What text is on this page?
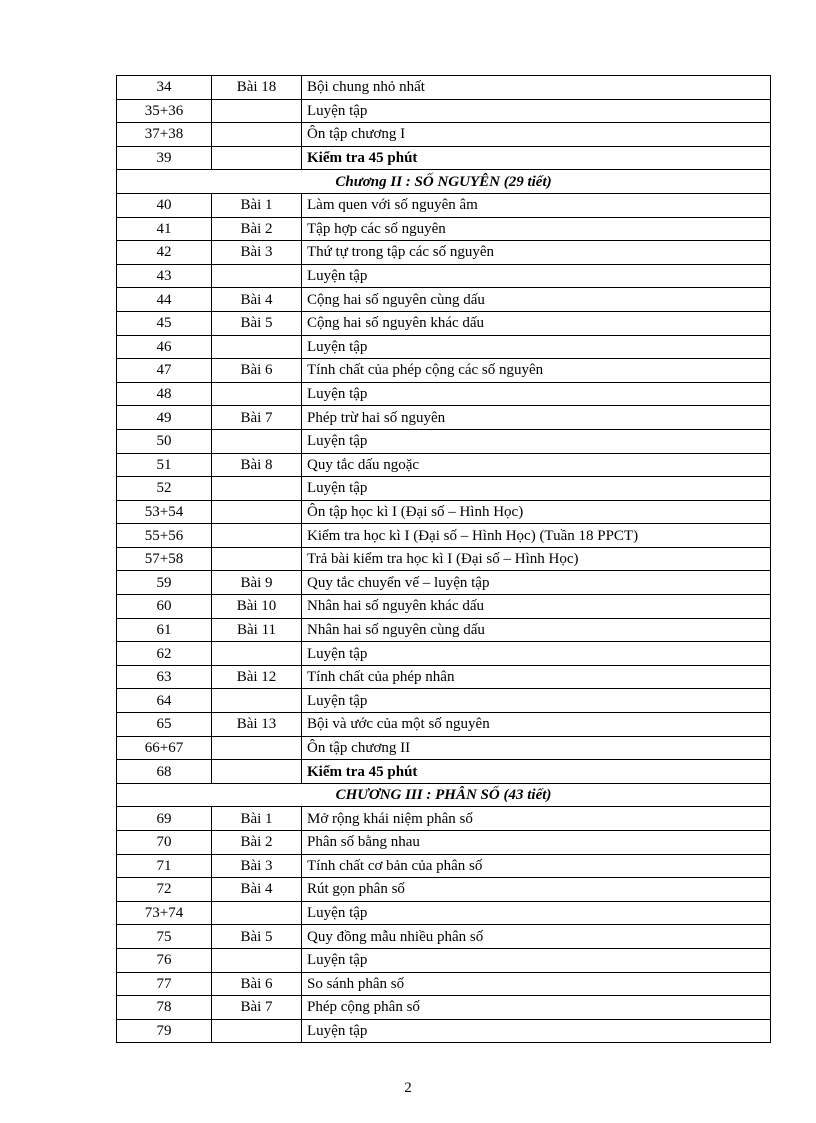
34	Bài 18	Bội chung nhỏ nhất
35+36		Luyện tập
37+38		Ôn tập chương I
39		Kiểm tra 45 phút
Chương II : SỐ NGUYÊN (29 tiết)		
40	Bài 1	Làm quen với số nguyên âm
41	Bài 2	Tập hợp các số nguyên
42	Bài 3	Thứ tự trong tập các số nguyên
43		Luyện tập
44	Bài 4	Cộng hai số nguyên cùng dấu
45	Bài 5	Cộng hai số nguyên khác dấu
46		Luyện tập
47	Bài 6	Tính chất của phép cộng các số nguyên
48		Luyện tập
49	Bài 7	Phép trừ hai số nguyên
50		Luyện tập
51	Bài 8	Quy tắc dấu ngoặc
52		Luyện tập
53+54		Ôn tập học kì I (Đại số – Hình Học)
55+56		Kiểm tra học kì I (Đại số – Hình Học) (Tuần 18 PPCT)
57+58		Trả bài kiểm tra học kì I (Đại số – Hình Học)
59	Bài 9	Quy tắc chuyển vế – luyện tập
60	Bài 10	Nhân hai số nguyên khác dấu
61	Bài 11	Nhân hai số nguyên cùng dấu
62		Luyện tập
63	Bài 12	Tính chất của phép nhân
64		Luyện tập
65	Bài 13	Bội và ước của một số nguyên
66+67		Ôn tập chương II
68		Kiểm tra 45 phút
CHƯƠNG III : PHÂN SỐ (43 tiết)		
69	Bài 1	Mở rộng khái niệm phân số
70	Bài 2	Phân số bằng nhau
71	Bài 3	Tính chất cơ bản của phân số
72	Bài 4	Rút gọn phân số
73+74		Luyện tập
75	Bài 5	Quy đồng mẫu nhiều phân số
76		Luyện tập
77	Bài 6	So sánh phân số
78	Bài 7	Phép cộng phân số
79		Luyện tập
2
